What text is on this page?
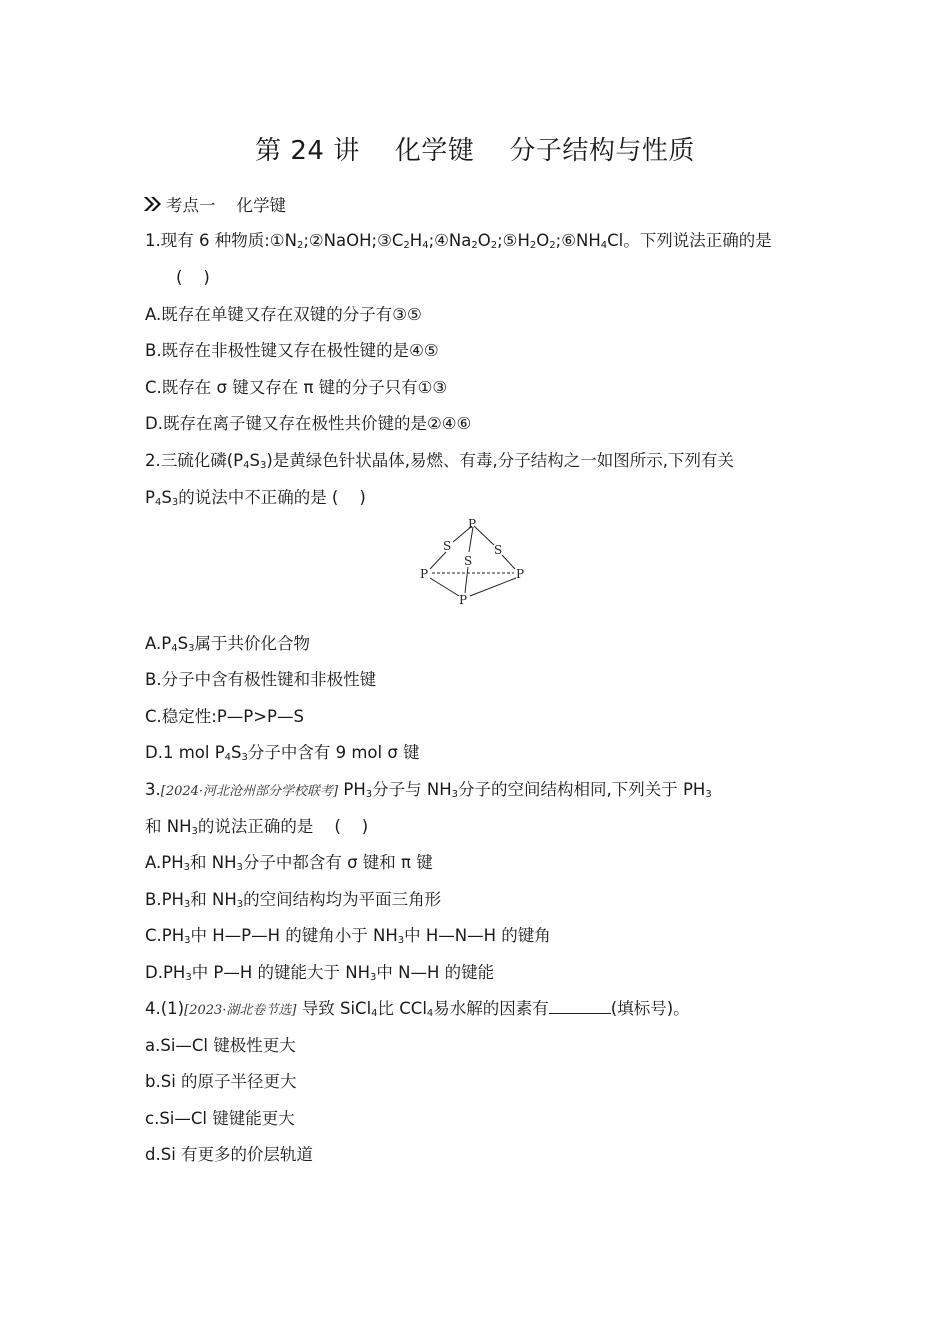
第 24 讲    化学键    分子结构与性质
考点一    化学键
1.现有 6 种物质$:①N_2;②NaOH;③C_2H_4;④Na_2O_2;⑤H_2O_2;⑥NH_4Cl$。下列说法正确的是
(    )
A.既存在单键又存在双键的分子有③⑤
B.既存在非极性键又存在极性键的是④⑤
C.既存在 σ 键又存在 π 键的分子只有①③
D.既存在离子键又存在极性共价键的是②④⑥
2.三硫化磷$(P_4S_3)$是黄绿色针状晶体,易燃、有毒,分子结构之一如图所示,下列有关
$P_4S_3$的说法中不正确的是 (    )
P
S
S
S
P	P
P
$A.P_4S_3$属于共价化合物
B.分子中含有极性键和非极性键
C.稳定性:P—P>P—S
D.1 mol $P_4S_3$分子中含有 9 mol σ 键
3.[2024·河北沧州部分学校联考] $PH_3$分子与 $NH_3$分子的空间结构相同,下列关于 $PH_3$
和 $NH_3$的说法正确的是    (    )
$A.PH_3$和 $NH_3$分子中都含有 σ 键和 π 键
$B.PH_3$和 $NH_3$的空间结构均为平面三角形
$C.PH_3$中 H—P—H 的键角小于 $NH_3$中 H—N—H 的键角
$D.PH_3$中 P—H 的键能大于 $NH_3$中 N—H 的键能
4.(1)[2023·湖北卷节选] 导致 SiCl$_4$比 CCl$_4$易水解的因素有	(填标号)。
a.Si—Cl 键极性更大
b.Si 的原子半径更大
c.Si—Cl 键键能更大
d.Si 有更多的价层轨道
